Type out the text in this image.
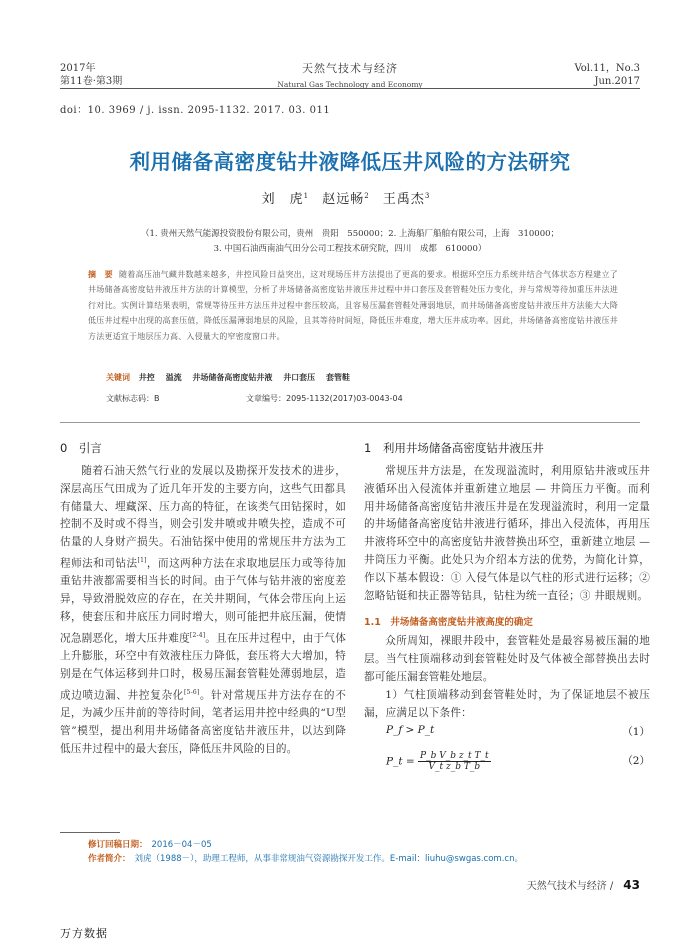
2017年
第11卷·第3期
天然气技术与经济
Natural Gas Technology and Economy
Vol.11，No.3
Jun.2017
doi：10. 3969 / j. issn. 2095-1132. 2017. 03. 011
利用储备高密度钻井液降低压井风险的方法研究
刘　虎$^1$ 赵远畅$^2$ 王禹杰$^3$
（1. 贵州天然气能源投资股份有限公司，贵州　贵阳　550000；2. 上海船厂船舶有限公司，上海　310000；
3. 中国石油西南油气田分公司工程技术研究院，四川　成都　610000）
摘　要 随着高压油气藏井数越来越多，井控风险日益突出，这对现场压井方法提出了更高的要求。根据环空压力系统井结合气体状态方程建立了井场储备高密度钻井液压井方法的计算模型，分析了井场储备高密度钻井液压井过程中井口套压及套管鞋处压力变化，并与常规等待加重压井法进行对比。实例计算结果表明，常规等待压井方法压井过程中套压较高，且容易压漏套管鞋处薄弱地层，而井场储备高密度钻井液压井方法能大大降低压井过程中出现的高套压值，降低压漏薄弱地层的风险，且其等待时间短，降低压井难度，增大压井成功率。因此，井场储备高密度钻井液压井方法更适宜于地层压力高、入侵量大的窄密度窗口井。
关键词 井控 溢流 井场储备高密度钻井液 井口套压 套管鞋
文献标志码：B	文章编号：2095-1132(2017)03-0043-04
0　引言

随着石油天然气行业的发展以及勘探开发技术的进步，深层高压气田成为了近几年开发的主要方向，这些气田都具有储量大、埋藏深、压力高的特征，在该类气田钻探时，如控制不及时或不得当，则会引发井喷或井喷失控，造成不可估量的人身财产损失。石油钻探中使用的常规压井方法为工程师法和司钻法[1]，而这两种方法在求取地层压力或等待加重钻井液都需要相当长的时间。由于气体与钻井液的密度差异，导致滑脱效应的存在，在关井期间，气体会带压向上运移，使套压和井底压力同时增大，则可能把井底压漏，使情况急剧恶化，增大压井难度[2-4]。且在压井过程中，由于气体上升膨胀，环空中有效液柱压力降低，套压将大大增加，特别是在气体运移到井口时，极易压漏套管鞋处薄弱地层，造成边喷边漏、井控复杂化[5-6]。针对常规压井方法存在的不足，为减少压井前的等待时间，笔者运用井控中经典的“U型管”模型，提出利用井场储备高密度钻井液压井，以达到降低压井过程中的最大套压，降低压井风险的目的。

1　利用井场储备高密度钻井液压井

常规压井方法是，在发现溢流时，利用原钻井液或压井液循环出入侵流体并重新建立地层 — 井筒压力平衡。而利用井场储备高密度钻井液压井是在发现溢流时，利用一定量的井场储备高密度钻井液进行循环，排出入侵流体，再用压井液将环空中的高密度钻井液替换出环空，重新建立地层 — 井筒压力平衡。此处只为介绍本方法的优势，为简化计算，作以下基本假设：① 入侵气体是以气柱的形式进行运移；② 忽略钻铤和扶正器等钻具，钻柱为统一直径；③ 井眼规则。

1.1　井场储备高密度钻井液高度的确定

众所周知，裸眼井段中，套管鞋处是最容易被压漏的地层。当气柱顶端移动到套管鞋处时及气体被全部替换出去时都可能压漏套管鞋处地层。

1）气柱顶端移动到套管鞋处时，为了保证地层不被压漏，应满足以下条件：

P_f > P_t	（1）
P_t = $\frac{\text{P\_b V\_b z\_t T\_t}}{\text{V\_t z\_b T\_b}}$	（2）
修订回稿日期： 2016－04－05
作者简介： 刘虎（1988－），助理工程师，从事非常规油气资源勘探开发工作。E-mail：liuhu@swgas.com.cn。
天然气技术与经济 / 43
万方数据
